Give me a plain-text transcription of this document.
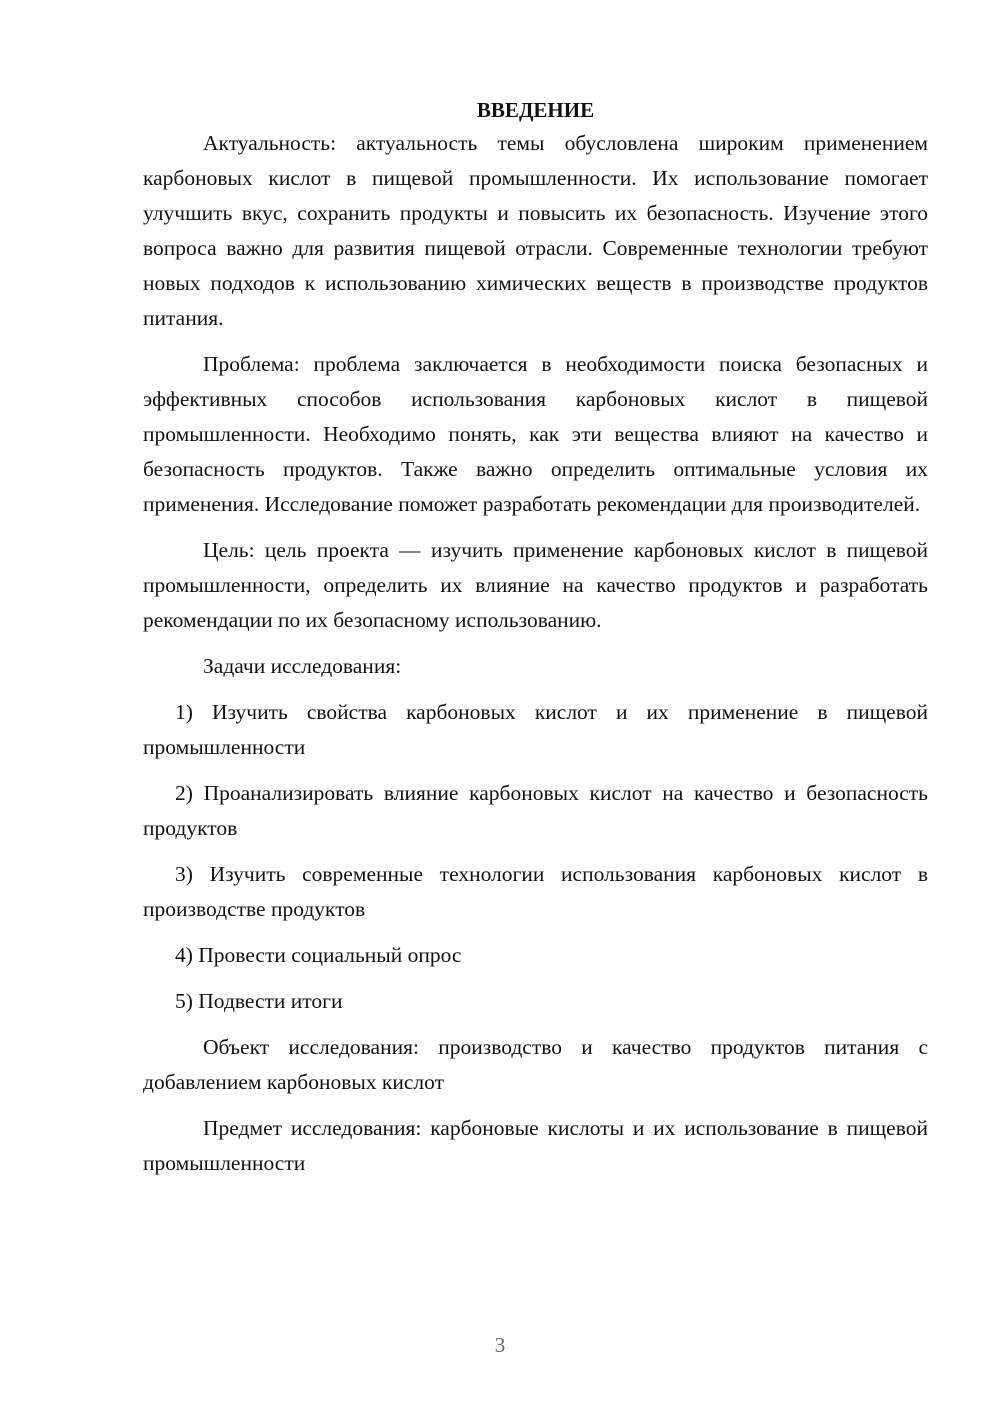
ВВЕДЕНИЕ

Актуальность: актуальность темы обусловлена широким применением карбоновых кислот в пищевой промышленности. Их использование помогает улучшить вкус, сохранить продукты и повысить их безопасность. Изучение этого вопроса важно для развития пищевой отрасли. Современные технологии требуют новых подходов к использованию химических веществ в производстве продуктов питания.

Проблема: проблема заключается в необходимости поиска безопасных и эффективных способов использования карбоновых кислот в пищевой промышленности. Необходимо понять, как эти вещества влияют на качество и безопасность продуктов. Также важно определить оптимальные условия их применения. Исследование поможет разработать рекомендации для производителей.

Цель: цель проекта — изучить применение карбоновых кислот в пищевой промышленности, определить их влияние на качество продуктов и разработать рекомендации по их безопасному использованию.

Задачи исследования:

1) Изучить свойства карбоновых кислот и их применение в пищевой промышленности

2) Проанализировать влияние карбоновых кислот на качество и безопасность продуктов

3) Изучить современные технологии использования карбоновых кислот в производстве продуктов

4) Провести социальный опрос

5) Подвести итоги

Объект исследования: производство и качество продуктов питания с добавлением карбоновых кислот

Предмет исследования: карбоновые кислоты и их использование в пищевой промышленности

3
